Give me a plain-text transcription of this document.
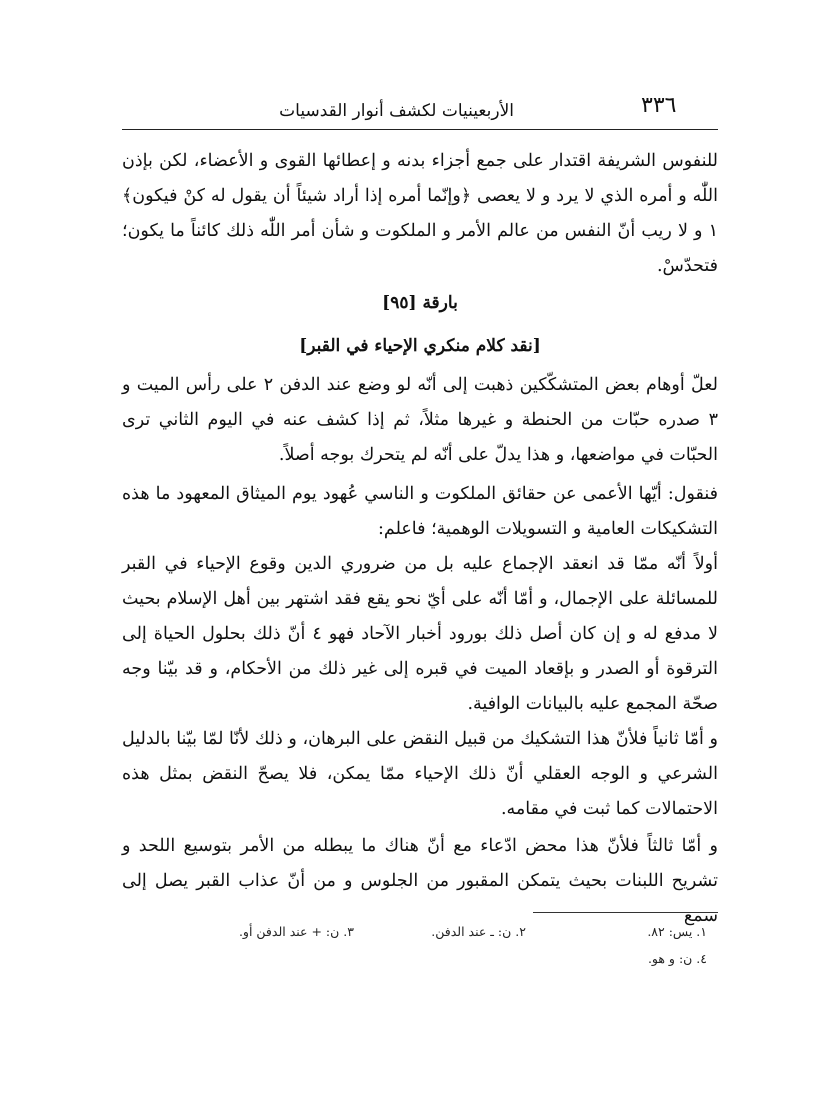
٣٣٦
الأربعينيات لكشف أنوار القدسيات

للنفوس الشريفة اقتدار على جمع أجزاء بدنه و إعطائها القوى و الأعضاء، لكن بإذن اللّٰه و أمره الذي لا يرد و لا يعصى ﴿وإنّما أمره إذا أراد شيئاً أن يقول له كنْ فيكون﴾ ١ و لا ريب أنّ النفس من عالم الأمر و الملكوت و شأن أمر اللّٰه ذلك كائناً ما يكون؛ فتحدّسْ.

بارقة [٩٥]
[نقد كلام منكري الإحياء في القبر]

لعلّ أوهام بعض المتشكّكين ذهبت إلى أنّه لو وضع عند الدفن ٢ على رأس الميت و ٣ صدره حبّات من الحنطة و غيرها مثلاً، ثم إذا كشف عنه في اليوم الثاني ترى الحبّات في مواضعها، و هذا يدلّ على أنّه لم يتحرك بوجه أصلاً.

فنقول: أيّها الأعمى عن حقائق الملكوت و الناسي عُهود يوم الميثاق المعهود ما هذه التشكيكات العامية و التسويلات الوهمية؛ فاعلم:

أولاً أنّه ممّا قد انعقد الإجماع عليه بل من ضروري الدين وقوع الإحياء في القبر للمسائلة على الإجمال، و أمّا أنّه على أيّ نحو يقع فقد اشتهر بين أهل الإسلام بحيث لا مدفع له و إن كان أصل ذلك بورود أخبار الآحاد فهو ٤ أنّ ذلك بحلول الحياة إلى الترقوة أو الصدر و بإقعاد الميت في قبره إلى غير ذلك من الأحكام، و قد بيّنا وجه صحّة المجمع عليه بالبيانات الوافية.

و أمّا ثانياً فلأنّ هذا التشكيك من قبيل النقض على البرهان، و ذلك لأنّا لمّا بيّنا بالدليل الشرعي و الوجه العقلي أنّ ذلك الإحياء ممّا يمكن، فلا يصحّ النقض بمثل هذه الاحتمالات كما ثبت في مقامه.

و أمّا ثالثاً فلأنّ هذا محض ادّعاء مع أنّ هناك ما يبطله من الأمر بتوسيع اللحد و تشريح اللبنات بحيث يتمكن المقبور من الجلوس و من أنّ عذاب القبر يصل إلى سمع

١. يس: ٨٢.
٢. ن: ـ عند الدفن.
٣. ن: + عند الدفن أو.
٤. ن: و هو.
